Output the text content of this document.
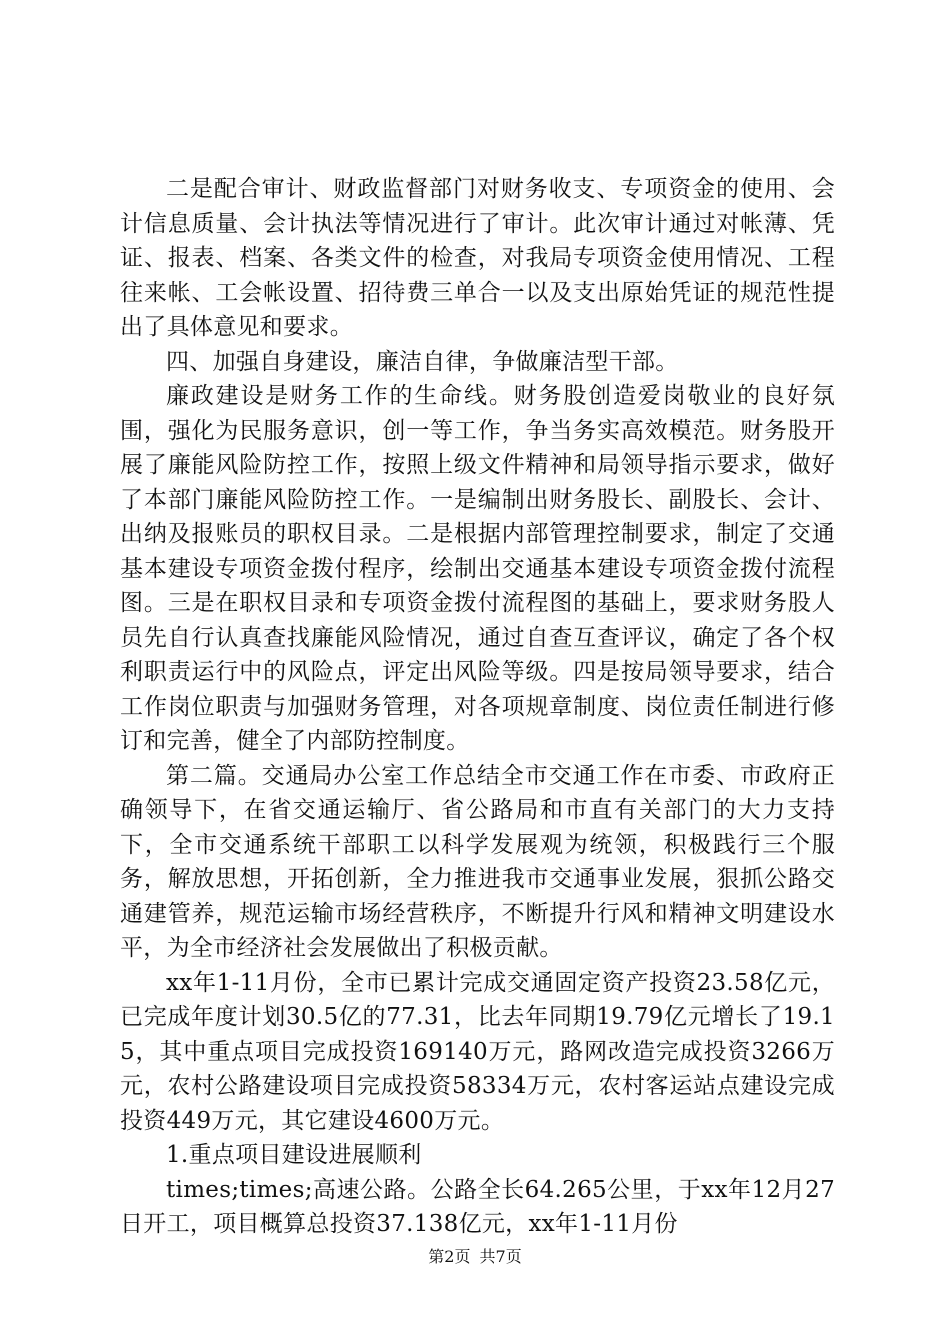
二是配合审计、财政监督部门对财务收支、专项资金的使用、会计信息质量、会计执法等情况进行了审计。此次审计通过对帐薄、凭证、报表、档案、各类文件的检查，对我局专项资金使用情况、工程往来帐、工会帐设置、招待费三单合一以及支出原始凭证的规范性提出了具体意见和要求。

四、加强自身建设，廉洁自律，争做廉洁型干部。

廉政建设是财务工作的生命线。财务股创造爱岗敬业的良好氛围，强化为民服务意识，创一等工作，争当务实高效模范。财务股开展了廉能风险防控工作，按照上级文件精神和局领导指示要求，做好了本部门廉能风险防控工作。一是编制出财务股长、副股长、会计、出纳及报账员的职权目录。二是根据内部管理控制要求，制定了交通基本建设专项资金拨付程序，绘制出交通基本建设专项资金拨付流程图。三是在职权目录和专项资金拨付流程图的基础上，要求财务股人员先自行认真查找廉能风险情况，通过自查互查评议，确定了各个权利职责运行中的风险点，评定出风险等级。四是按局领导要求，结合工作岗位职责与加强财务管理，对各项规章制度、岗位责任制进行修订和完善，健全了内部防控制度。

第二篇。交通局办公室工作总结全市交通工作在市委、市政府正确领导下，在省交通运输厅、省公路局和市直有关部门的大力支持下，全市交通系统干部职工以科学发展观为统领，积极践行三个服务，解放思想，开拓创新，全力推进我市交通事业发展，狠抓公路交通建管养，规范运输市场经营秩序，不断提升行风和精神文明建设水平，为全市经济社会发展做出了积极贡献。

xx年1-11月份，全市已累计完成交通固定资产投资23.58亿元，已完成年度计划30.5亿的77.31，比去年同期19.79亿元增长了19.15，其中重点项目完成投资169140万元，路网改造完成投资3266万元，农村公路建设项目完成投资58334万元，农村客运站点建设完成投资449万元，其它建设4600万元。

1.重点项目建设进展顺利

times;times;高速公路。公路全长64.265公里，于xx年12月27日开工，项目概算总投资37.138亿元，xx年1-11月份

第2页 共7页
